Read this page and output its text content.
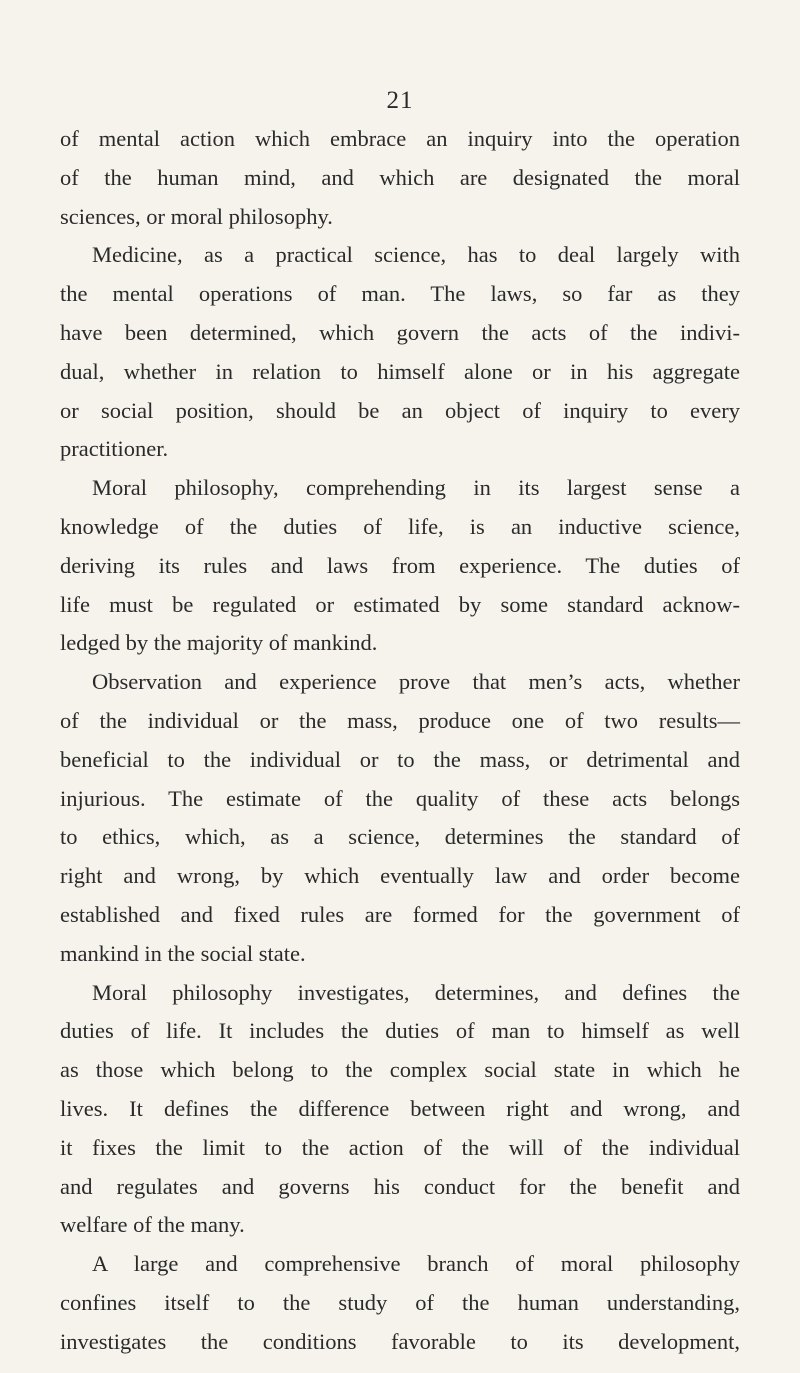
21
of mental action which embrace an inquiry into the operation
of the human mind, and which are designated the moral
sciences, or moral philosophy.
Medicine, as a practical science, has to deal largely with
the mental operations of man. The laws, so far as they
have been determined, which govern the acts of the indivi-
dual, whether in relation to himself alone or in his aggregate
or social position, should be an object of inquiry to every
practitioner.
Moral philosophy, comprehending in its largest sense a
knowledge of the duties of life, is an inductive science,
deriving its rules and laws from experience. The duties of
life must be regulated or estimated by some standard acknow-
ledged by the majority of mankind.
Observation and experience prove that men’s acts, whether
of the individual or the mass, produce one of two results—
beneficial to the individual or to the mass, or detrimental and
injurious. The estimate of the quality of these acts belongs
to ethics, which, as a science, determines the standard of
right and wrong, by which eventually law and order become
established and fixed rules are formed for the government of
mankind in the social state.
Moral philosophy investigates, determines, and defines the
duties of life. It includes the duties of man to himself as well
as those which belong to the complex social state in which he
lives. It defines the difference between right and wrong, and
it fixes the limit to the action of the will of the individual
and regulates and governs his conduct for the benefit and
welfare of the many.
A large and comprehensive branch of moral philosophy
confines itself to the study of the human understanding,
investigates the conditions favorable to its development,
